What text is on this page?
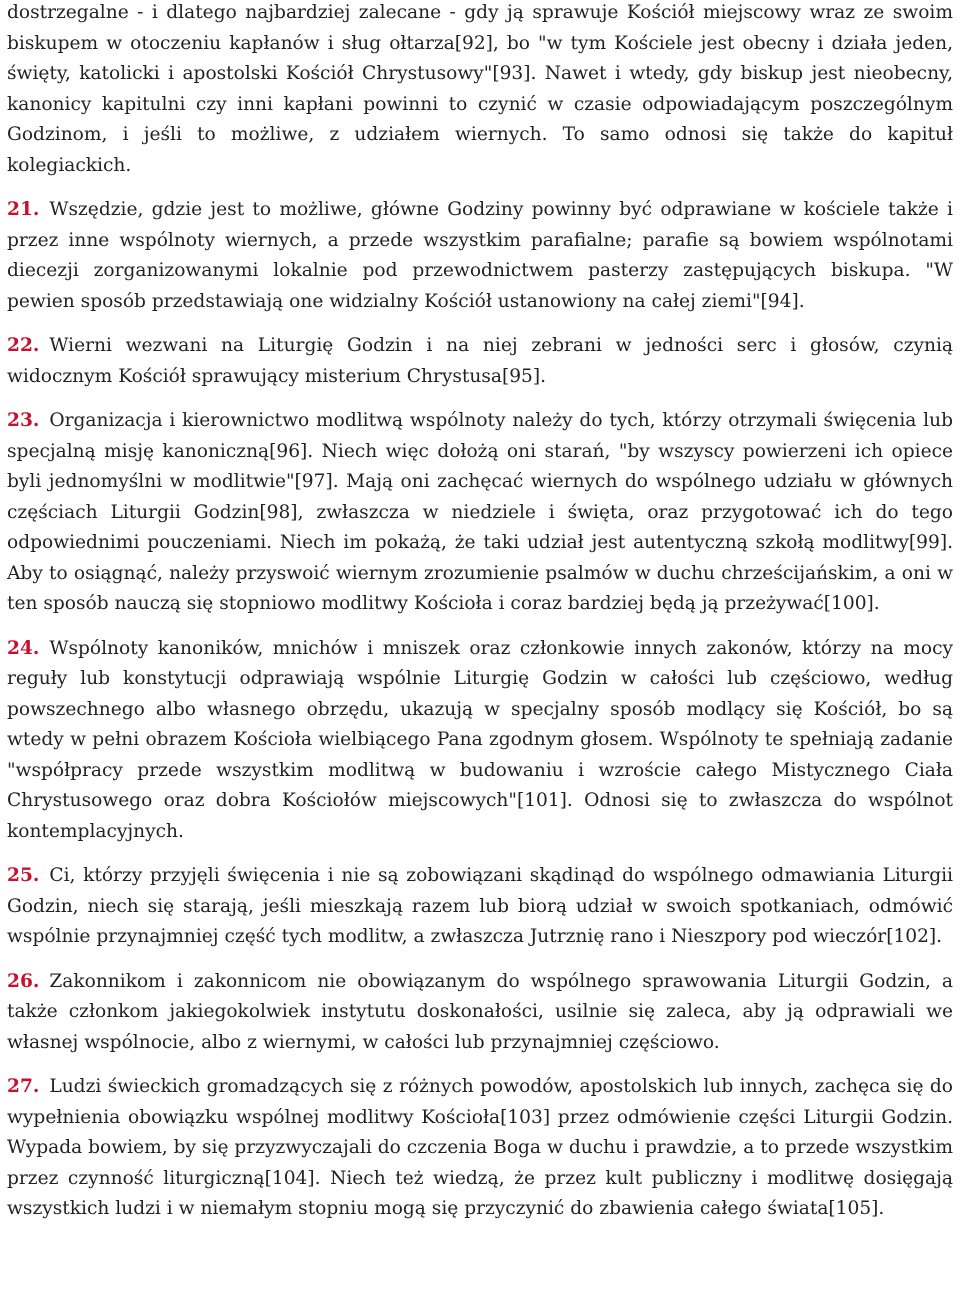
dostrzegalne - i dlatego najbardziej zalecane - gdy ją sprawuje Kościół miejscowy wraz ze swoim biskupem w otoczeniu kapłanów i sług ołtarza[92], bo "w tym Kościele jest obecny i działa jeden, święty, katolicki i apostolski Kościół Chrystusowy"[93]. Nawet i wtedy, gdy biskup jest nieobecny, kanonicy kapitulni czy inni kapłani powinni to czynić w czasie odpowiadającym poszczególnym Godzinom, i jeśli to możliwe, z udziałem wiernych. To samo odnosi się także do kapituł kolegiackich.

21. Wszędzie, gdzie jest to możliwe, główne Godziny powinny być odprawiane w kościele także i przez inne wspólnoty wiernych, a przede wszystkim parafialne; parafie są bowiem wspólnotami diecezji zorganizowanymi lokalnie pod przewodnictwem pasterzy zastępujących biskupa. "W pewien sposób przedstawiają one widzialny Kościół ustanowiony na całej ziemi"[94].

22. Wierni wezwani na Liturgię Godzin i na niej zebrani w jedności serc i głosów, czynią widocznym Kościół sprawujący misterium Chrystusa[95].

23. Organizacja i kierownictwo modlitwą wspólnoty należy do tych, którzy otrzymali święcenia lub specjalną misję kanoniczną[96]. Niech więc dołożą oni starań, "by wszyscy powierzeni ich opiece byli jednomyślni w modlitwie"[97]. Mają oni zachęcać wiernych do wspólnego udziału w głównych częściach Liturgii Godzin[98], zwłaszcza w niedziele i święta, oraz przygotować ich do tego odpowiednimi pouczeniami. Niech im pokażą, że taki udział jest autentyczną szkołą modlitwy[99]. Aby to osiągnąć, należy przyswoić wiernym zrozumienie psalmów w duchu chrześcijańskim, a oni w ten sposób nauczą się stopniowo modlitwy Kościoła i coraz bardziej będą ją przeżywać[100].

24. Wspólnoty kanoników, mnichów i mniszek oraz członkowie innych zakonów, którzy na mocy reguły lub konstytucji odprawiają wspólnie Liturgię Godzin w całości lub częściowo, według powszechnego albo własnego obrzędu, ukazują w specjalny sposób modlący się Kościół, bo są wtedy w pełni obrazem Kościoła wielbiącego Pana zgodnym głosem. Wspólnoty te spełniają zadanie "współpracy przede wszystkim modlitwą w budowaniu i wzroście całego Mistycznego Ciała Chrystusowego oraz dobra Kościołów miejscowych"[101]. Odnosi się to zwłaszcza do wspólnot kontemplacyjnych.

25. Ci, którzy przyjęli święcenia i nie są zobowiązani skądinąd do wspólnego odmawiania Liturgii Godzin, niech się starają, jeśli mieszkają razem lub biorą udział w swoich spotkaniach, odmówić wspólnie przynajmniej część tych modlitw, a zwłaszcza Jutrznię rano i Nieszpory pod wieczór[102].

26. Zakonnikom i zakonnicom nie obowiązanym do wspólnego sprawowania Liturgii Godzin, a także członkom jakiegokolwiek instytutu doskonałości, usilnie się zaleca, aby ją odprawiali we własnej wspólnocie, albo z wiernymi, w całości lub przynajmniej częściowo.

27. Ludzi świeckich gromadzących się z różnych powodów, apostolskich lub innych, zachęca się do wypełnienia obowiązku wspólnej modlitwy Kościoła[103] przez odmówienie części Liturgii Godzin. Wypada bowiem, by się przyzwyczajali do czczenia Boga w duchu i prawdzie, a to przede wszystkim przez czynność liturgiczną[104]. Niech też wiedzą, że przez kult publiczny i modlitwę dosięgają wszystkich ludzi i w niemałym stopniu mogą się przyczynić do zbawienia całego świata[105].
